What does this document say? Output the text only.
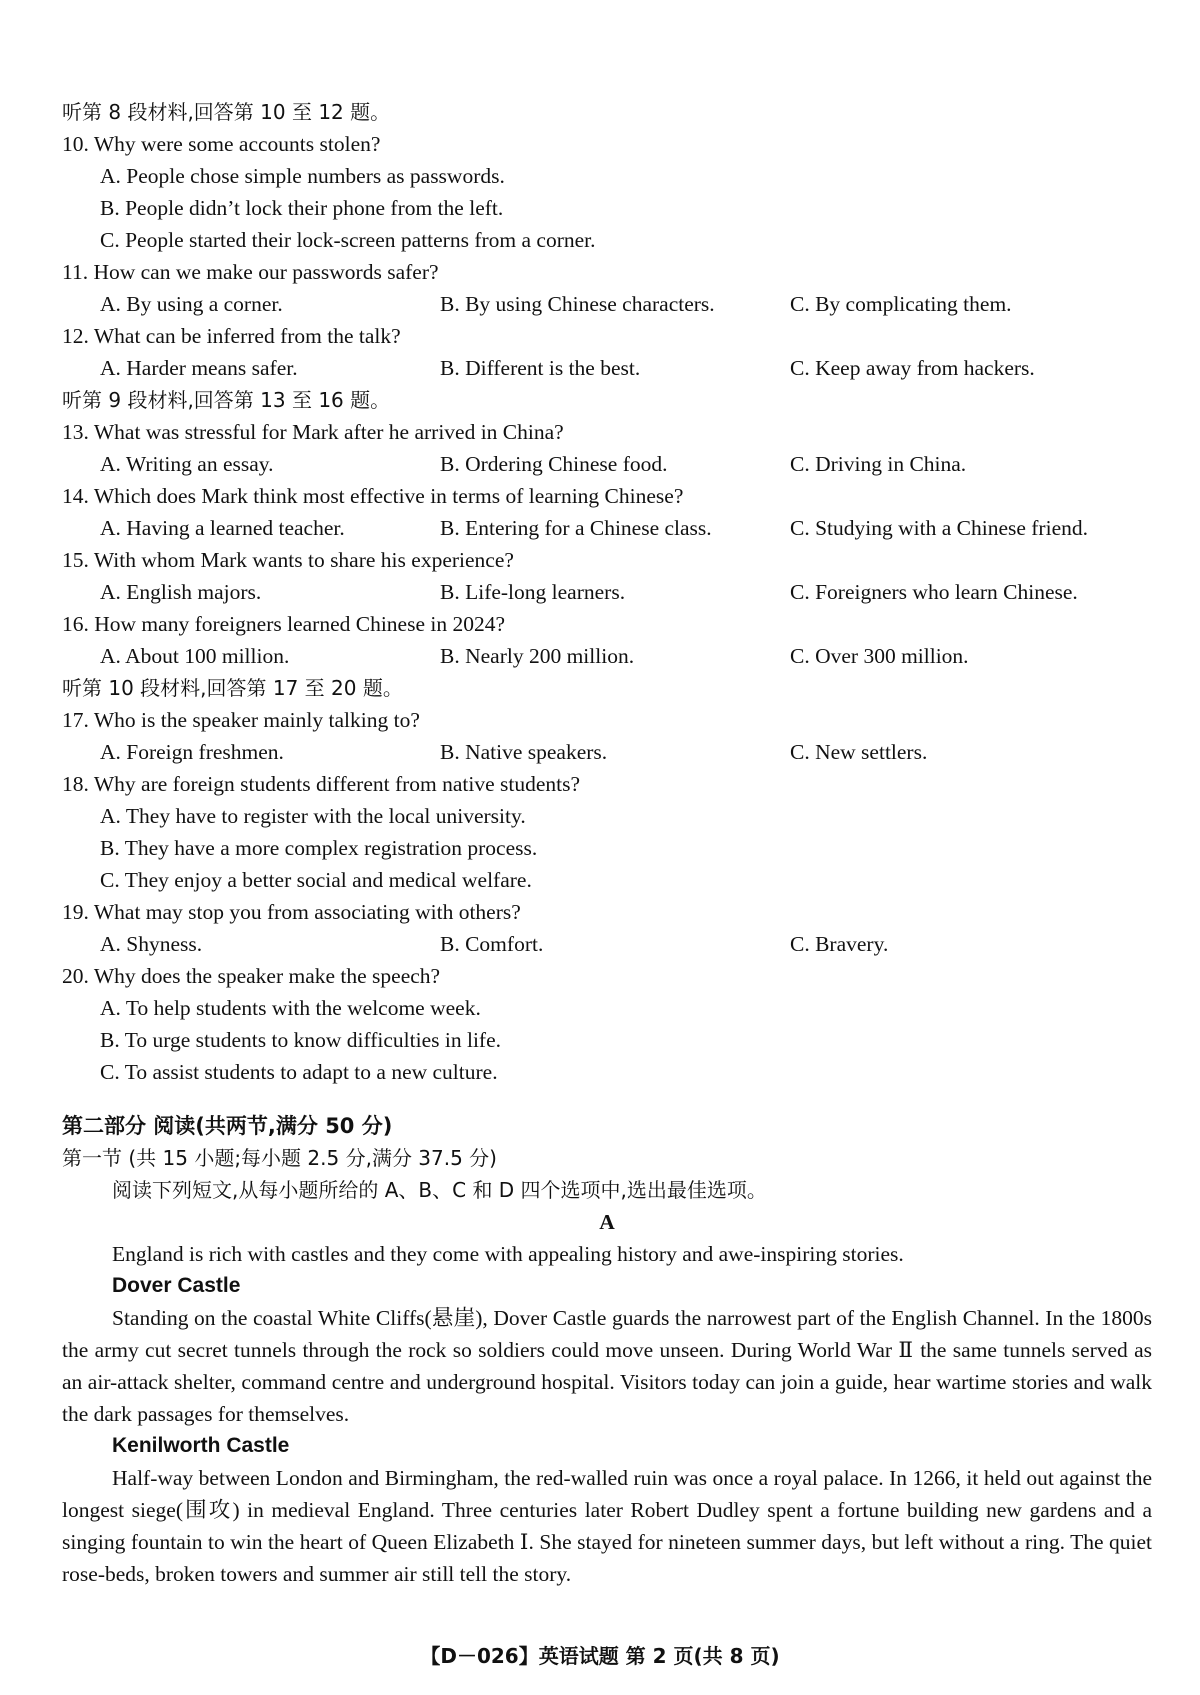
听第 8 段材料,回答第 10 至 12 题。
10. Why were some accounts stolen?
A. People chose simple numbers as passwords.
B. People didn’t lock their phone from the left.
C. People started their lock-screen patterns from a corner.
11. How can we make our passwords safer?
A. By using a corner.	B. By using Chinese characters.	C. By complicating them.
12. What can be inferred from the talk?
A. Harder means safer.	B. Different is the best.	C. Keep away from hackers.
听第 9 段材料,回答第 13 至 16 题。
13. What was stressful for Mark after he arrived in China?
A. Writing an essay.	B. Ordering Chinese food.	C. Driving in China.
14. Which does Mark think most effective in terms of learning Chinese?
A. Having a learned teacher.	B. Entering for a Chinese class.	C. Studying with a Chinese friend.
15. With whom Mark wants to share his experience?
A. English majors.	B. Life-long learners.	C. Foreigners who learn Chinese.
16. How many foreigners learned Chinese in 2024?
A. About 100 million.	B. Nearly 200 million.	C. Over 300 million.
听第 10 段材料,回答第 17 至 20 题。
17. Who is the speaker mainly talking to?
A. Foreign freshmen.	B. Native speakers.	C. New settlers.
18. Why are foreign students different from native students?
A. They have to register with the local university.
B. They have a more complex registration process.
C. They enjoy a better social and medical welfare.
19. What may stop you from associating with others?
A. Shyness.	B. Comfort.	C. Bravery.
20. Why does the speaker make the speech?
A. To help students with the welcome week.
B. To urge students to know difficulties in life.
C. To assist students to adapt to a new culture.
第二部分 阅读(共两节,满分 50 分)
第一节 (共 15 小题;每小题 2.5 分,满分 37.5 分)
阅读下列短文,从每小题所给的 A、B、C 和 D 四个选项中,选出最佳选项。
A
England is rich with castles and they come with appealing history and awe-inspiring stories.
Dover Castle
Standing on the coastal White Cliffs(悬崖), Dover Castle guards the narrowest part of the English Channel. In the 1800s the army cut secret tunnels through the rock so soldiers could move unseen. During World War Ⅱ the same tunnels served as an air-attack shelter, command centre and underground hospital. Visitors today can join a guide, hear wartime stories and walk the dark passages for themselves.
Kenilworth Castle
Half-way between London and Birmingham, the red-walled ruin was once a royal palace. In 1266, it held out against the longest siege(围攻) in medieval England. Three centuries later Robert Dudley spent a fortune building new gardens and a singing fountain to win the heart of Queen Elizabeth Ⅰ. She stayed for nineteen summer days, but left without a ring. The quiet rose-beds, broken towers and summer air still tell the story.
【D－026】英语试题 第 2 页(共 8 页)
